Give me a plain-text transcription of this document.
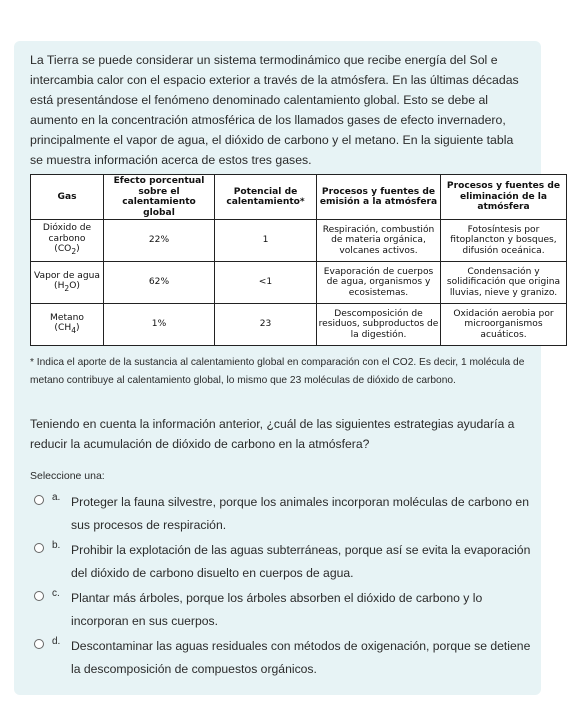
La Tierra se puede considerar un sistema termodinámico que recibe energía del Sol e intercambia calor con el espacio exterior a través de la atmósfera. En las últimas décadas está presentándose el fenómeno denominado calentamiento global. Esto se debe al aumento en la concentración atmosférica de los llamados gases de efecto invernadero, principalmente el vapor de agua, el dióxido de carbono y el metano. En la siguiente tabla se muestra información acerca de estos tres gases.
Gas	Efecto porcentual sobre el calentamiento global	Potencial de calentamiento*	Procesos y fuentes de emisión a la atmósfera	Procesos y fuentes de eliminación de la atmósfera
Dióxido de carbono
$(CO_2)$	22%	1	Respiración, combustión de materia orgánica, volcanes activos.	Fotosíntesis por fitoplancton y bosques, difusión oceánica.
Vapor de agua
$(H_2O)$	62%	<1	Evaporación de cuerpos de agua, organismos y ecosistemas.	Condensación y solidificación que origina lluvias, nieve y granizo.
Metano
$(CH_4)$	1%	23	Descomposición de residuos, subproductos de la digestión.	Oxidación aerobia por microorganismos acuáticos.
* Indica el aporte de la sustancia al calentamiento global en comparación con el CO2. Es decir, 1 molécula de metano contribuye al calentamiento global, lo mismo que 23 moléculas de dióxido de carbono.
Teniendo en cuenta la información anterior, ¿cuál de las siguientes estrategias ayudaría a reducir la acumulación de dióxido de carbono en la atmósfera?
Seleccione una:
a. Proteger la fauna silvestre, porque los animales incorporan moléculas de carbono en sus procesos de respiración.
b. Prohibir la explotación de las aguas subterráneas, porque así se evita la evaporación del dióxido de carbono disuelto en cuerpos de agua.
c. Plantar más árboles, porque los árboles absorben el dióxido de carbono y lo incorporan en sus cuerpos.
d. Descontaminar las aguas residuales con métodos de oxigenación, porque se detiene la descomposición de compuestos orgánicos.
